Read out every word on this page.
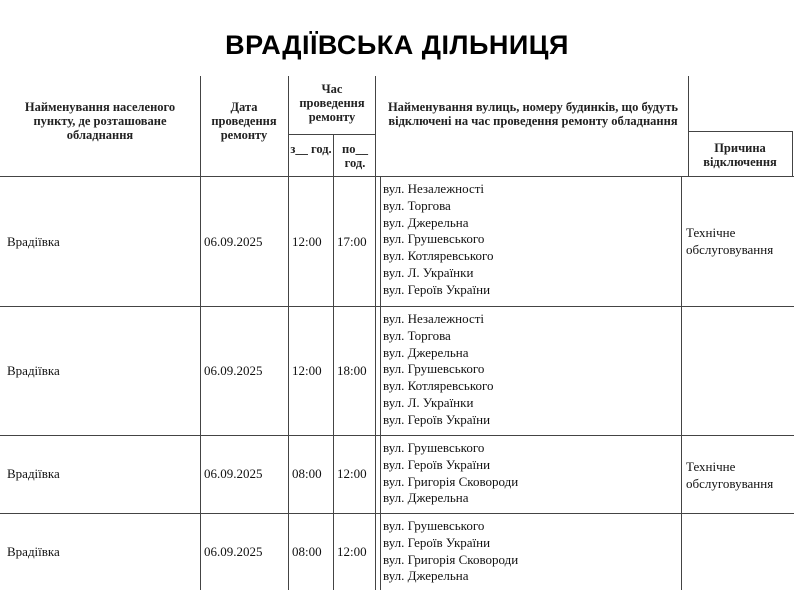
ВРАДІЇВСЬКА ДІЛЬНИЦЯ
Найменування населеного пункту, де розташоване обладнання
Дата проведення ремонту
Час проведення ремонту
з__ год. по__ год.
Найменування вулиць, номеру будинків, що будуть відключені на час проведення ремонту обладнання
Причина відключення
Врадіївка	06.09.2025 12:00 17:00
вул. Незалежності
вул. Торгова
вул. Джерельна
вул. Грушевського
вул. Котляревського
вул. Л. Українки
вул. Героїв України
Технічне обслуговування
Врадіївка	06.09.2025 12:00 18:00
вул. Незалежності
вул. Торгова
вул. Джерельна
вул. Грушевського
вул. Котляревського
вул. Л. Українки
вул. Героїв України
Врадіївка	06.09.2025 08:00 12:00
вул. Грушевського
вул. Героїв України
вул. Григорія Сковороди
вул. Джерельна
Технічне обслуговування
Врадіївка	06.09.2025 08:00 12:00
вул. Грушевського
вул. Героїв України
вул. Григорія Сковороди
вул. Джерельна
